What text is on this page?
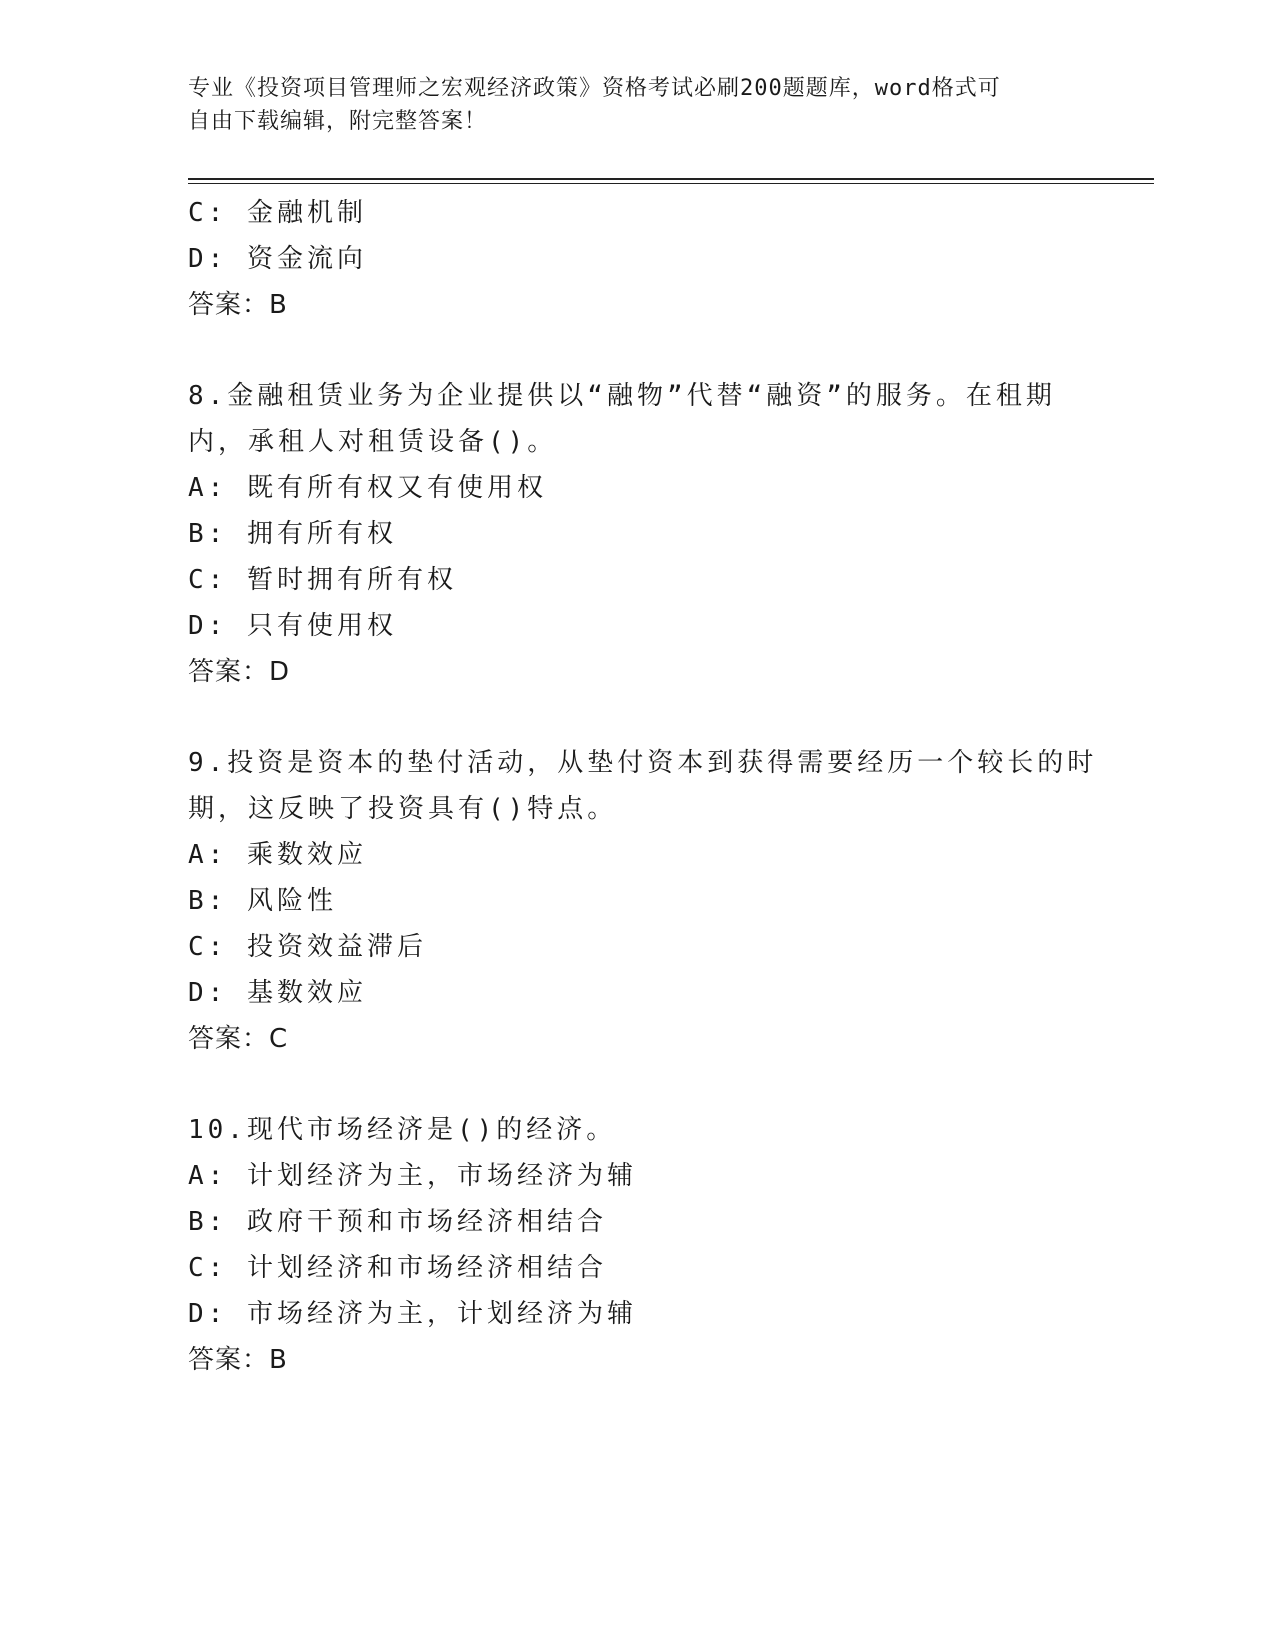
专业《投资项目管理师之宏观经济政策》资格考试必刷200题题库，word格式可
自由下载编辑，附完整答案！
C: 金融机制
D: 资金流向
答案：B
8.金融租赁业务为企业提供以“融物”代替“融资”的服务。在租期
内，承租人对租赁设备()。
A: 既有所有权又有使用权
B: 拥有所有权
C: 暂时拥有所有权
D: 只有使用权
答案：D
9.投资是资本的垫付活动，从垫付资本到获得需要经历一个较长的时
期，这反映了投资具有()特点。
A: 乘数效应
B: 风险性
C: 投资效益滞后
D: 基数效应
答案：C
10.现代市场经济是()的经济。
A: 计划经济为主，市场经济为辅
B: 政府干预和市场经济相结合
C: 计划经济和市场经济相结合
D: 市场经济为主，计划经济为辅
答案：B
